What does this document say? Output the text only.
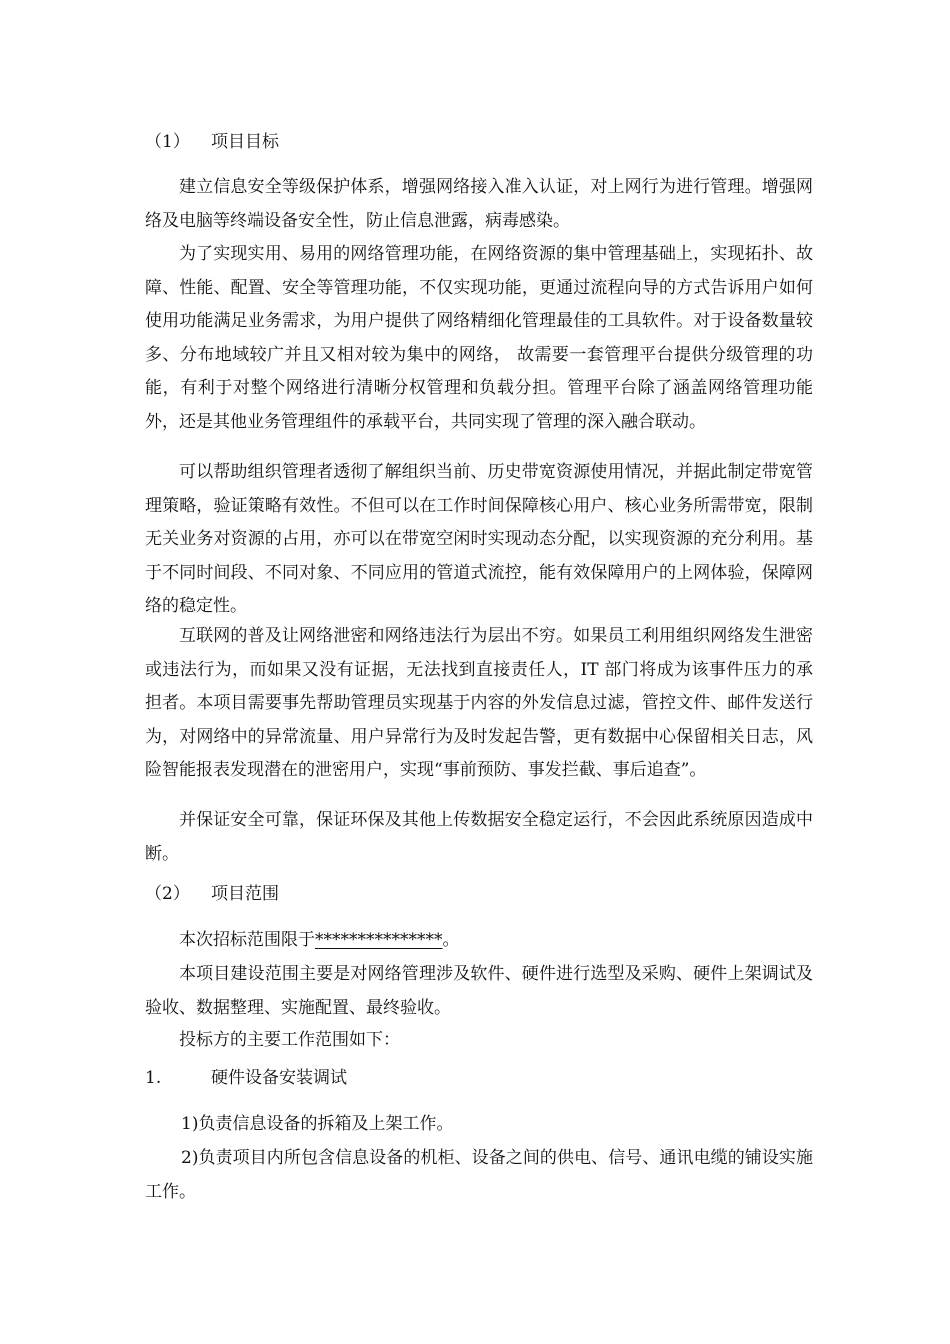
（1） 项目目标
建立信息安全等级保护体系，增强网络接入准入认证，对上网行为进行管理。增强网络及电脑等终端设备安全性，防止信息泄露，病毒感染。
为了实现实用、易用的网络管理功能，在网络资源的集中管理基础上，实现拓扑、故障、性能、配置、安全等管理功能，不仅实现功能，更通过流程向导的方式告诉用户如何使用功能满足业务需求，为用户提供了网络精细化管理最佳的工具软件。对于设备数量较多、分布地域较广并且又相对较为集中的网络， 故需要一套管理平台提供分级管理的功能，有利于对整个网络进行清晰分权管理和负载分担。管理平台除了涵盖网络管理功能外，还是其他业务管理组件的承载平台，共同实现了管理的深入融合联动。
可以帮助组织管理者透彻了解组织当前、历史带宽资源使用情况，并据此制定带宽管理策略，验证策略有效性。不但可以在工作时间保障核心用户、核心业务所需带宽，限制无关业务对资源的占用，亦可以在带宽空闲时实现动态分配，以实现资源的充分利用。基于不同时间段、不同对象、不同应用的管道式流控，能有效保障用户的上网体验，保障网络的稳定性。
互联网的普及让网络泄密和网络违法行为层出不穷。如果员工利用组织网络发生泄密或违法行为，而如果又没有证据，无法找到直接责任人，IT 部门将成为该事件压力的承担者。本项目需要事先帮助管理员实现基于内容的外发信息过滤，管控文件、邮件发送行为，对网络中的异常流量、用户异常行为及时发起告警，更有数据中心保留相关日志，风险智能报表发现潜在的泄密用户，实现“事前预防、事发拦截、事后追查”。
并保证安全可靠，保证环保及其他上传数据安全稳定运行，不会因此系统原因造成中断。
（2） 项目范围
本次招标范围限于***************。
本项目建设范围主要是对网络管理涉及软件、硬件进行选型及采购、硬件上架调试及验收、数据整理、实施配置、最终验收。
投标方的主要工作范围如下：
1.	硬件设备安装调试
1)负责信息设备的拆箱及上架工作。
2)负责项目内所包含信息设备的机柜、设备之间的供电、信号、通讯电缆的铺设实施工作。
